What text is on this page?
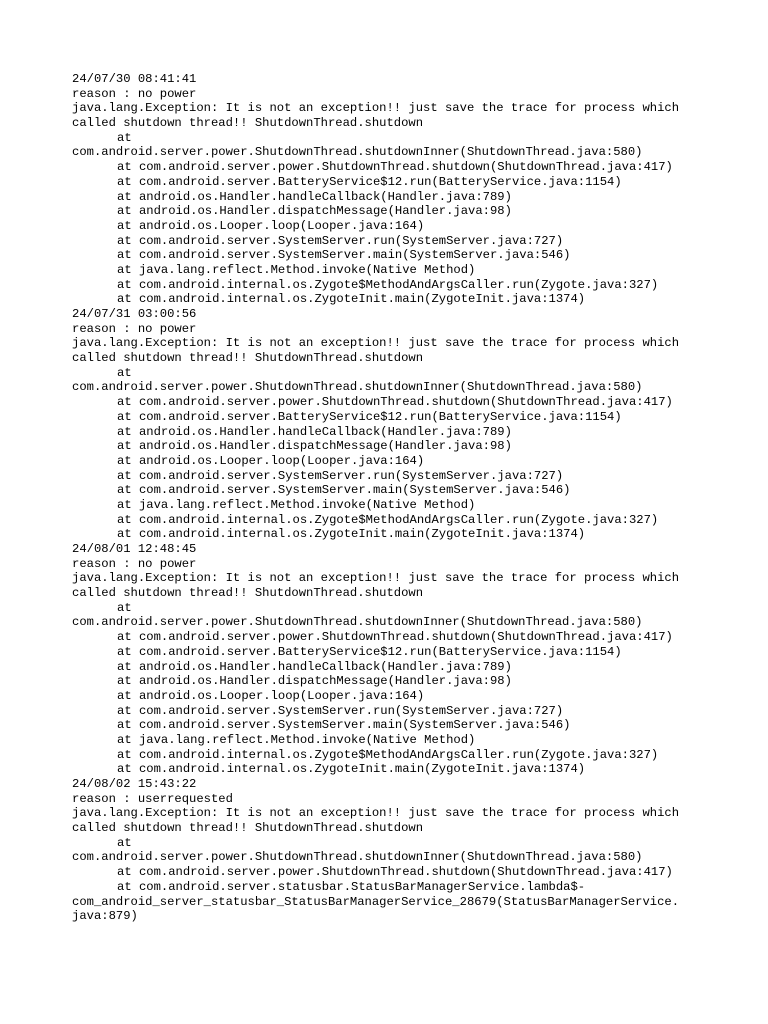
24/07/30 08:41:41
reason : no power
java.lang.Exception: It is not an exception!! just save the trace for process which
called shutdown thread!! ShutdownThread.shutdown
at
com.android.server.power.ShutdownThread.shutdownInner(ShutdownThread.java:580)
at com.android.server.power.ShutdownThread.shutdown(ShutdownThread.java:417)
at com.android.server.BatteryService$12.run(BatteryService.java:1154)
at android.os.Handler.handleCallback(Handler.java:789)
at android.os.Handler.dispatchMessage(Handler.java:98)
at android.os.Looper.loop(Looper.java:164)
at com.android.server.SystemServer.run(SystemServer.java:727)
at com.android.server.SystemServer.main(SystemServer.java:546)
at java.lang.reflect.Method.invoke(Native Method)
at com.android.internal.os.Zygote$MethodAndArgsCaller.run(Zygote.java:327)
at com.android.internal.os.ZygoteInit.main(ZygoteInit.java:1374)
24/07/31 03:00:56
reason : no power
java.lang.Exception: It is not an exception!! just save the trace for process which
called shutdown thread!! ShutdownThread.shutdown
at
com.android.server.power.ShutdownThread.shutdownInner(ShutdownThread.java:580)
at com.android.server.power.ShutdownThread.shutdown(ShutdownThread.java:417)
at com.android.server.BatteryService$12.run(BatteryService.java:1154)
at android.os.Handler.handleCallback(Handler.java:789)
at android.os.Handler.dispatchMessage(Handler.java:98)
at android.os.Looper.loop(Looper.java:164)
at com.android.server.SystemServer.run(SystemServer.java:727)
at com.android.server.SystemServer.main(SystemServer.java:546)
at java.lang.reflect.Method.invoke(Native Method)
at com.android.internal.os.Zygote$MethodAndArgsCaller.run(Zygote.java:327)
at com.android.internal.os.ZygoteInit.main(ZygoteInit.java:1374)
24/08/01 12:48:45
reason : no power
java.lang.Exception: It is not an exception!! just save the trace for process which
called shutdown thread!! ShutdownThread.shutdown
at
com.android.server.power.ShutdownThread.shutdownInner(ShutdownThread.java:580)
at com.android.server.power.ShutdownThread.shutdown(ShutdownThread.java:417)
at com.android.server.BatteryService$12.run(BatteryService.java:1154)
at android.os.Handler.handleCallback(Handler.java:789)
at android.os.Handler.dispatchMessage(Handler.java:98)
at android.os.Looper.loop(Looper.java:164)
at com.android.server.SystemServer.run(SystemServer.java:727)
at com.android.server.SystemServer.main(SystemServer.java:546)
at java.lang.reflect.Method.invoke(Native Method)
at com.android.internal.os.Zygote$MethodAndArgsCaller.run(Zygote.java:327)
at com.android.internal.os.ZygoteInit.main(ZygoteInit.java:1374)
24/08/02 15:43:22
reason : userrequested
java.lang.Exception: It is not an exception!! just save the trace for process which
called shutdown thread!! ShutdownThread.shutdown
at
com.android.server.power.ShutdownThread.shutdownInner(ShutdownThread.java:580)
at com.android.server.power.ShutdownThread.shutdown(ShutdownThread.java:417)
at com.android.server.statusbar.StatusBarManagerService.lambda$-
com_android_server_statusbar_StatusBarManagerService_28679(StatusBarManagerService.
java:879)
